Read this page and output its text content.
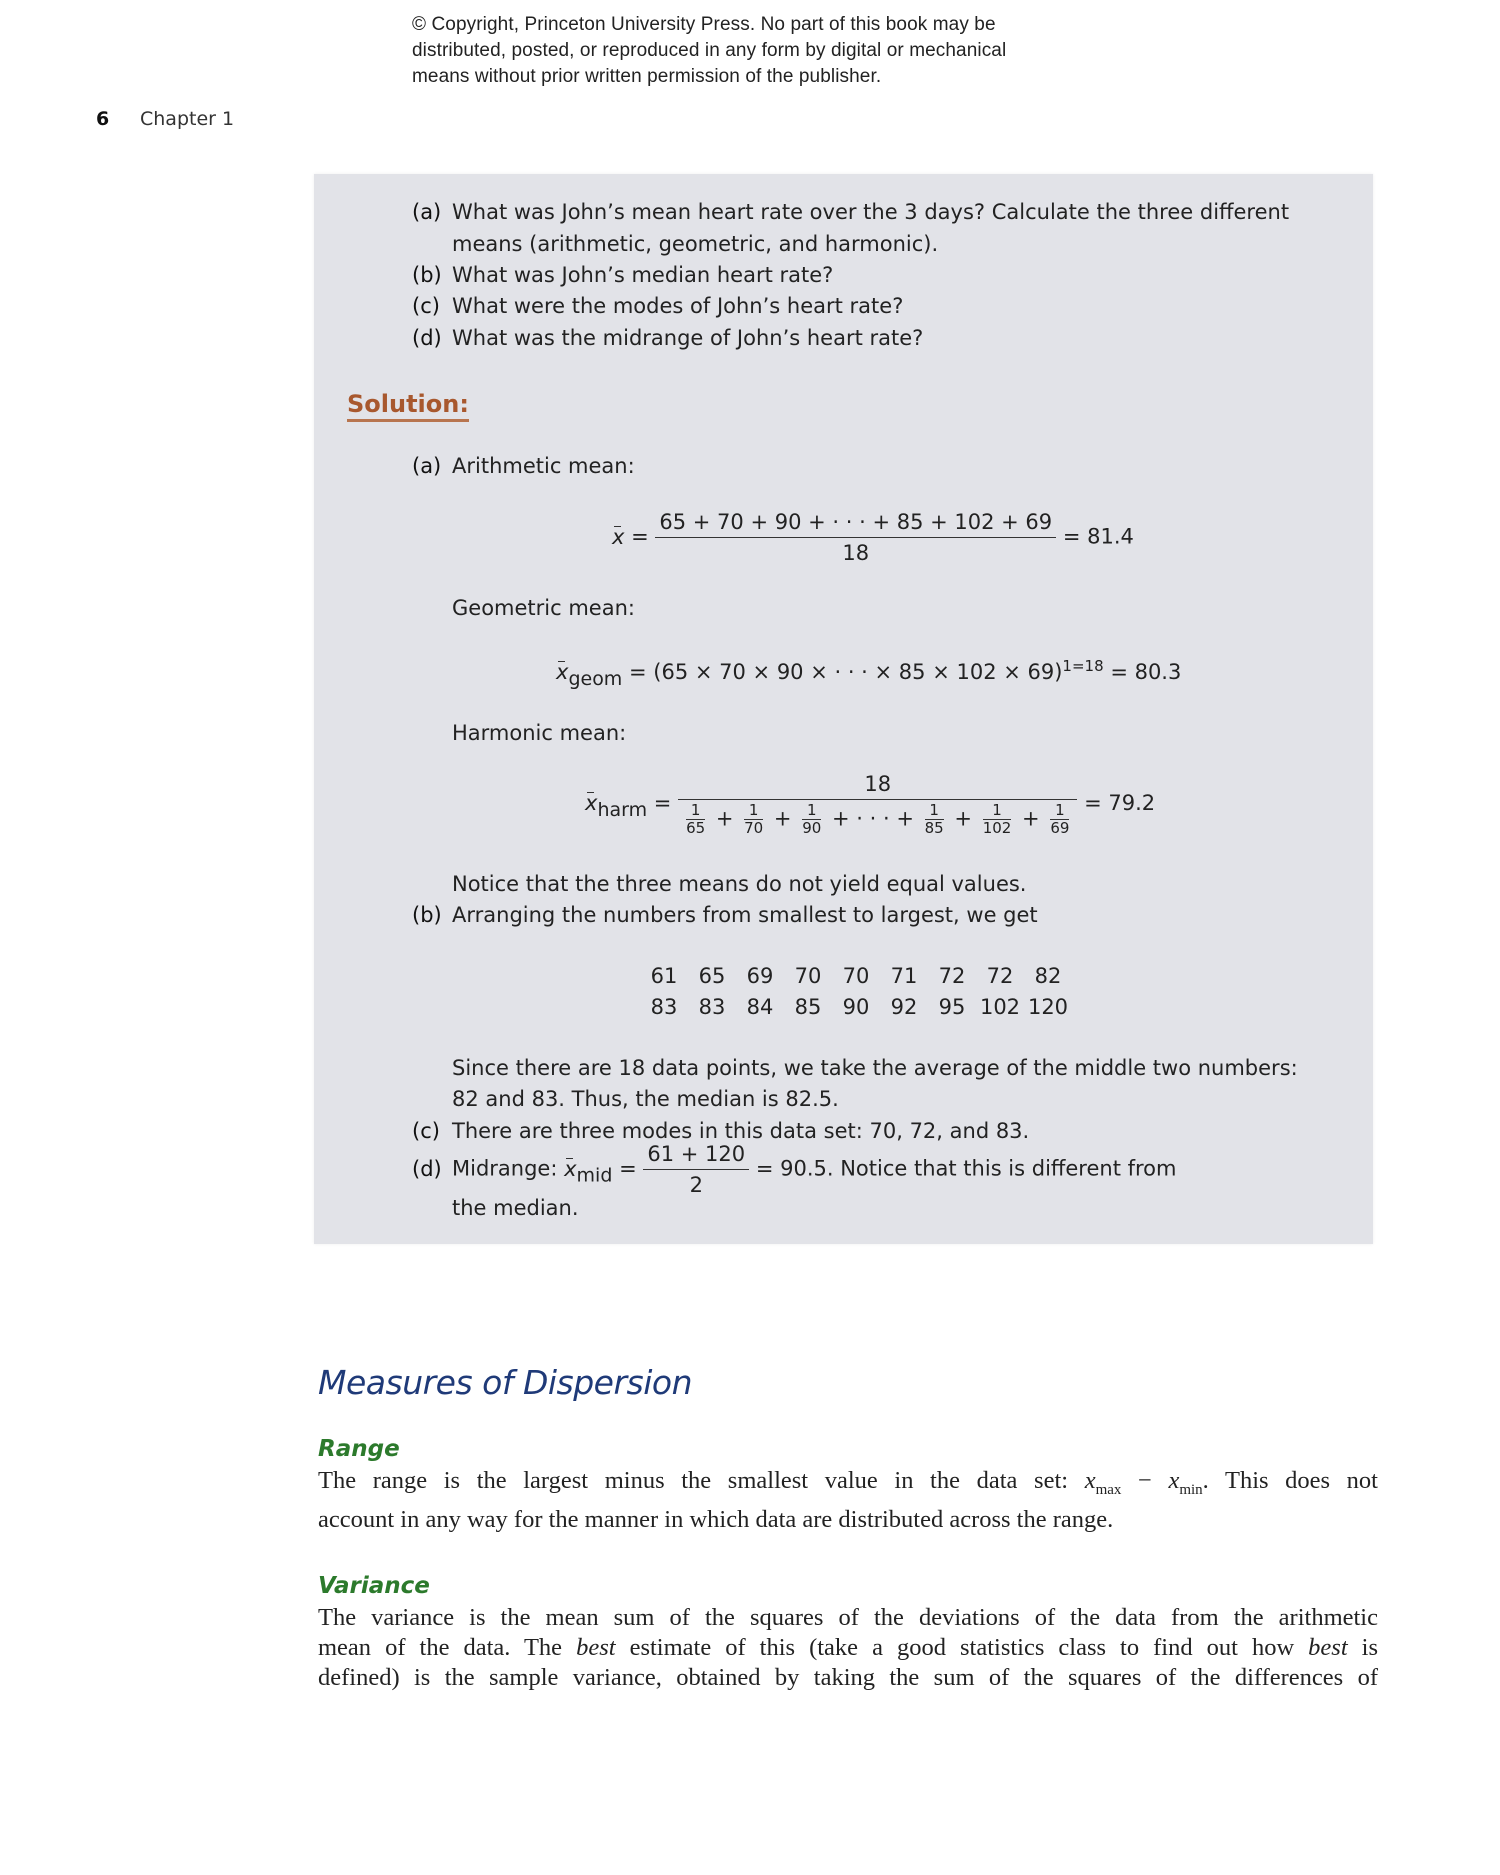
© Copyright, Princeton University Press. No part of this book may be
distributed, posted, or reproduced in any form by digital or mechanical
means without prior written permission of the publisher.
6 Chapter 1
(a) What was John’s mean heart rate over the 3 days? Calculate the three different
means (arithmetic, geometric, and harmonic).
(b) What was John’s median heart rate?
(c) What were the modes of John’s heart rate?
(d) What was the midrange of John’s heart rate?
Solution:
(a) Arithmetic mean:
$x = \frac{65 + 70 + 90 + \cdot \cdot \cdot + 85 + 102 + 69}{18} = 81.4$
Geometric mean:
$x_{geom} = (65 \times 70 \times 90$ × · · · × 85 × 102 × 69)$^{1=18}$ = 80.3
Harmonic mean:
$x_{harm}$ =
18
$\frac{1}{65} + \frac{1}{70} + \frac{1}{90}$ + · · · + $\frac{1}{85} + \frac{1}{102} + \frac{1}{69} = 79.2$
Notice that the three means do not yield equal values.
(b) Arranging the numbers from smallest to largest, we get
61	65	69	70	70	71	72	72	82
83	83	84	85	90	92	95	102	120
Since there are 18 data points, we take the average of the middle two numbers:
82 and 83. Thus, the median is 82.5.
(c) There are three modes in this data set: 70, 72, and 83.
(d) Midrange: $x_{mid} = \frac{61 + 120}{2} = 90.5$. Notice that this is different from
the median.
Measures of Dispersion
Range
The range is the largest minus the smallest value in the data set: $x_{max} - x_{min}$. This does not
account in any way for the manner in which data are distributed across the range.
Variance
The variance is the mean sum of the squares of the deviations of the data from the arithmetic
mean of the data. The best estimate of this (take a good statistics class to find out how best is
defined) is the sample variance, obtained by taking the sum of the squares of the differences of
